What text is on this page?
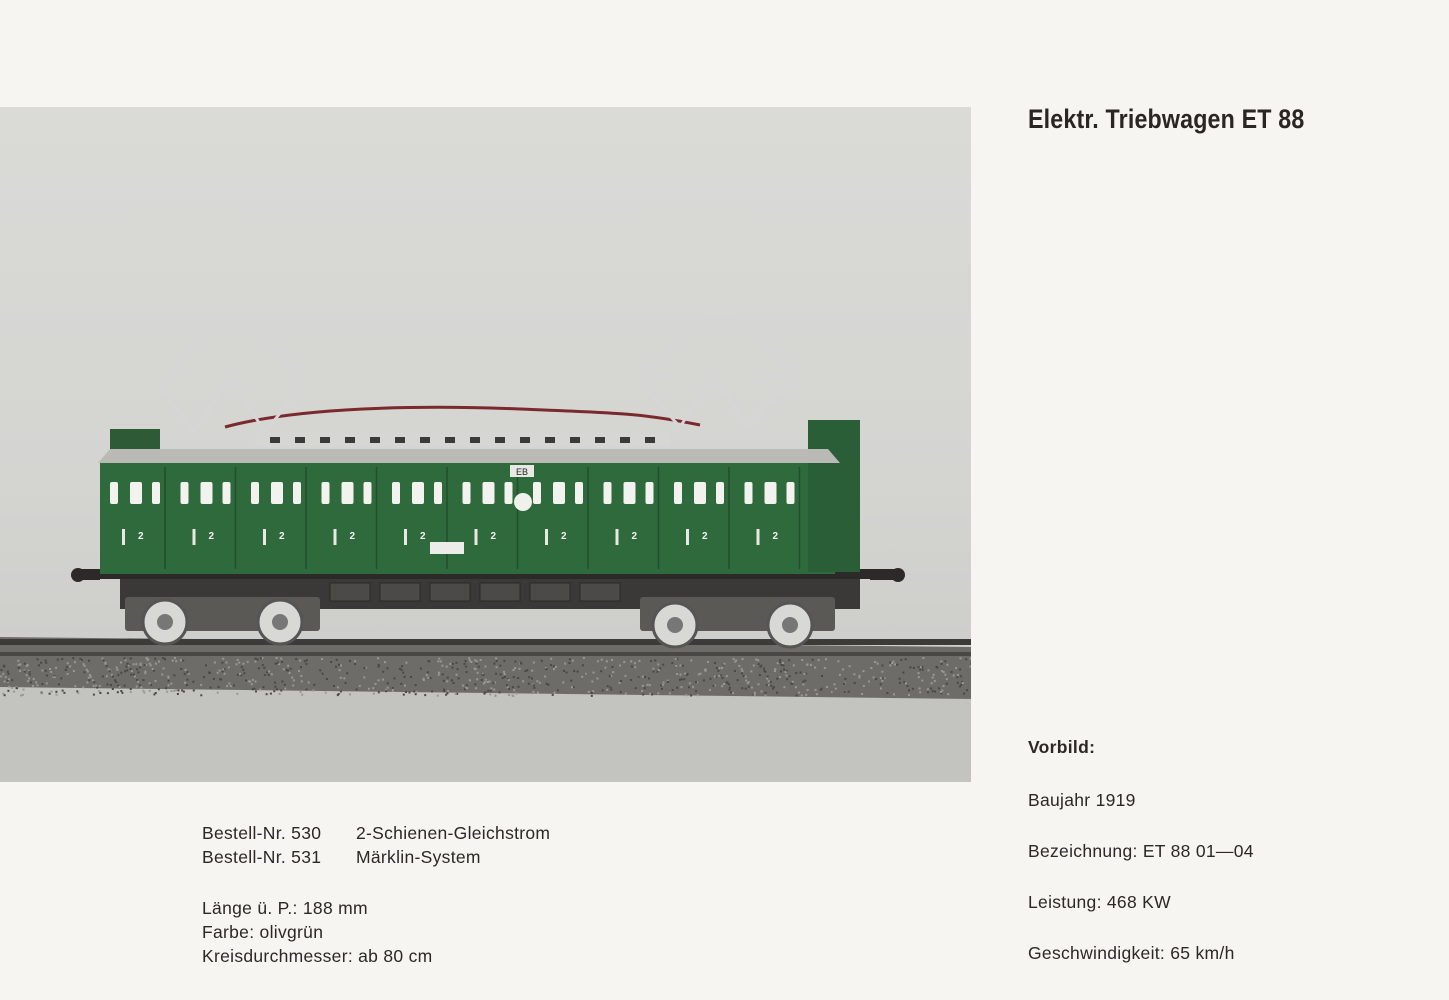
2	2	2	2	2	2	2	2	2	2
EB
Elektr. Triebwagen ET 88
Bestell-Nr. 530	2-Schienen-Gleichstrom
Bestell-Nr. 531	Märklin-System
Länge ü. P.: 188 mm
Farbe: olivgrün
Kreisdurchmesser: ab 80 cm
Vorbild:
Baujahr 1919
Bezeichnung: ET 88 01—04
Leistung: 468 KW
Geschwindigkeit: 65 km/h
